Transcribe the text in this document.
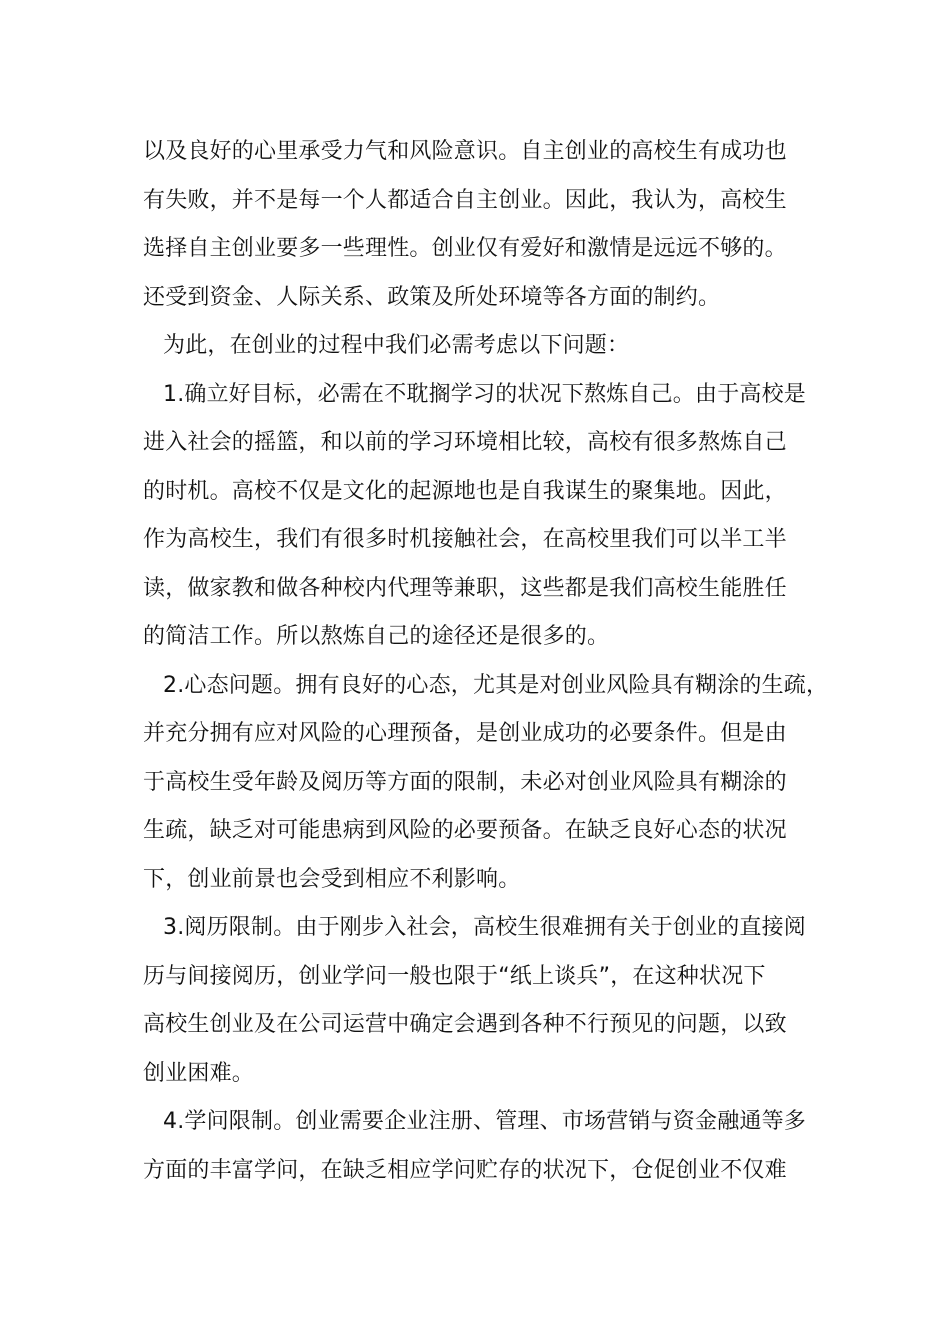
以及良好的心里承受力气和风险意识。自主创业的高校生有成功也
有失败，并不是每一个人都适合自主创业。因此，我认为，高校生
选择自主创业要多一些理性。创业仅有爱好和激情是远远不够的。
还受到资金、人际关系、政策及所处环境等各方面的制约。
为此，在创业的过程中我们必需考虑以下问题：
1.确立好目标，必需在不耽搁学习的状况下熬炼自己。由于高校是
进入社会的摇篮，和以前的学习环境相比较，高校有很多熬炼自己
的时机。高校不仅是文化的起源地也是自我谋生的聚集地。因此，
作为高校生，我们有很多时机接触社会，在高校里我们可以半工半
读，做家教和做各种校内代理等兼职，这些都是我们高校生能胜任
的简洁工作。所以熬炼自己的途径还是很多的。
2.心态问题。拥有良好的心态，尤其是对创业风险具有糊涂的生疏，
并充分拥有应对风险的心理预备，是创业成功的必要条件。但是由
于高校生受年龄及阅历等方面的限制，未必对创业风险具有糊涂的
生疏，缺乏对可能患病到风险的必要预备。在缺乏良好心态的状况
下，创业前景也会受到相应不利影响。
3.阅历限制。由于刚步入社会，高校生很难拥有关于创业的直接阅
历与间接阅历，创业学问一般也限于“纸上谈兵”，在这种状况下
高校生创业及在公司运营中确定会遇到各种不行预见的问题，以致
创业困难。
4.学问限制。创业需要企业注册、管理、市场营销与资金融通等多
方面的丰富学问，在缺乏相应学问贮存的状况下，仓促创业不仅难
